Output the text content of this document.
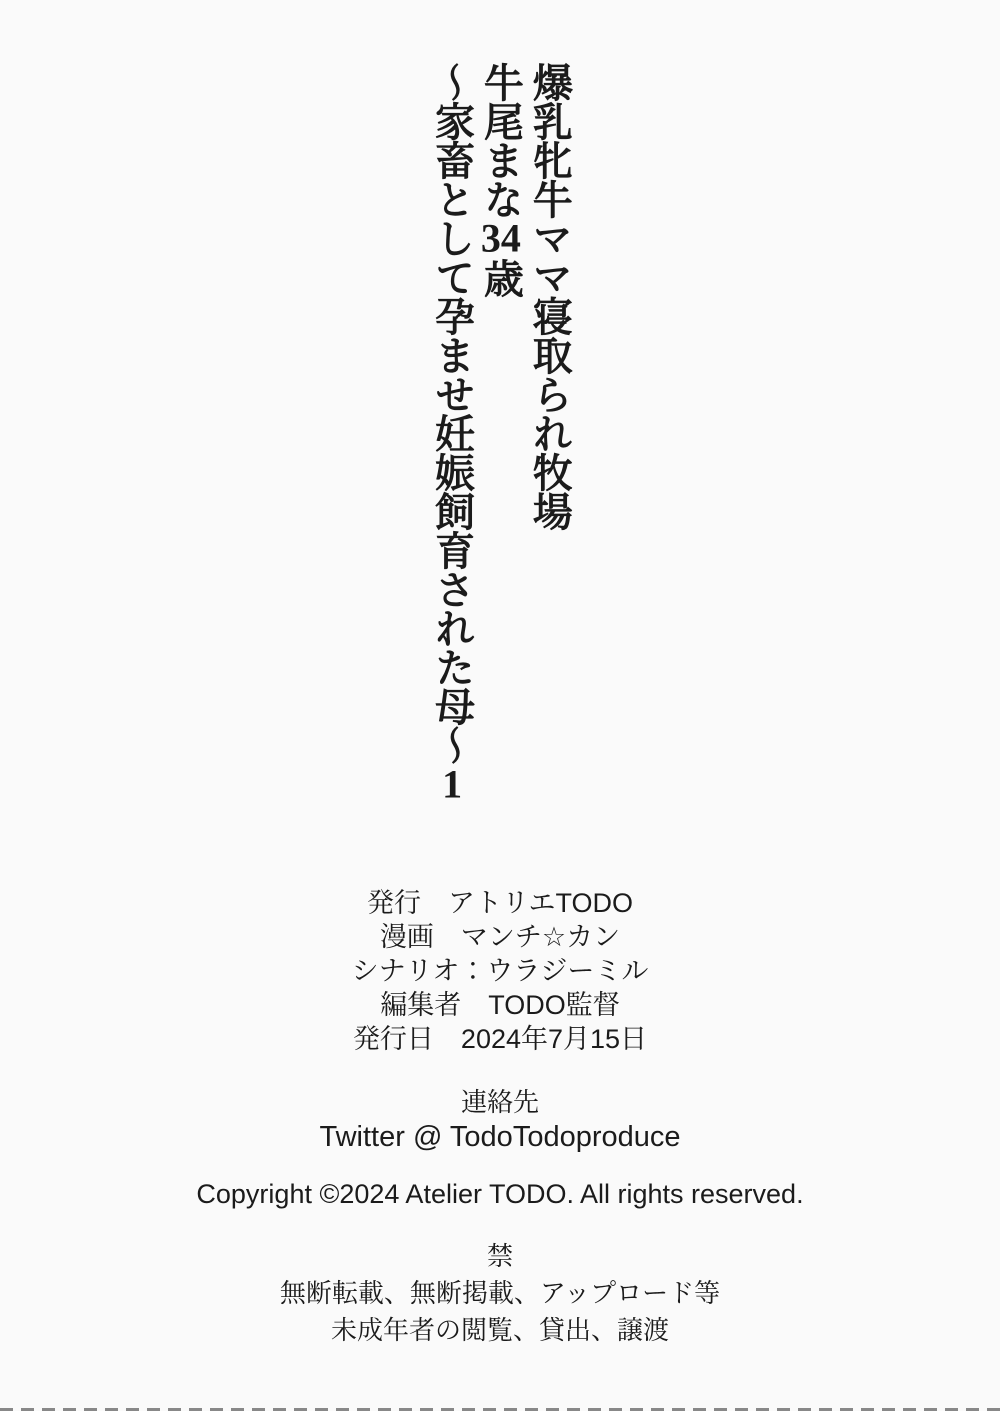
爆乳牝牛ママ寝取られ牧場
牛尾まな34歳
～家畜として孕ませ妊娠飼育された母～1
発行　アトリエTODO
漫画　マンチ☆カン
シナリオ：ウラジーミル
編集者　TODO監督
発行日　2024年7月15日
連絡先
Twitter @ TodoTodoproduce
Copyright ©2024 Atelier TODO. All rights reserved.
禁
無断転載、無断掲載、アップロード等
未成年者の閲覧、貸出、譲渡
